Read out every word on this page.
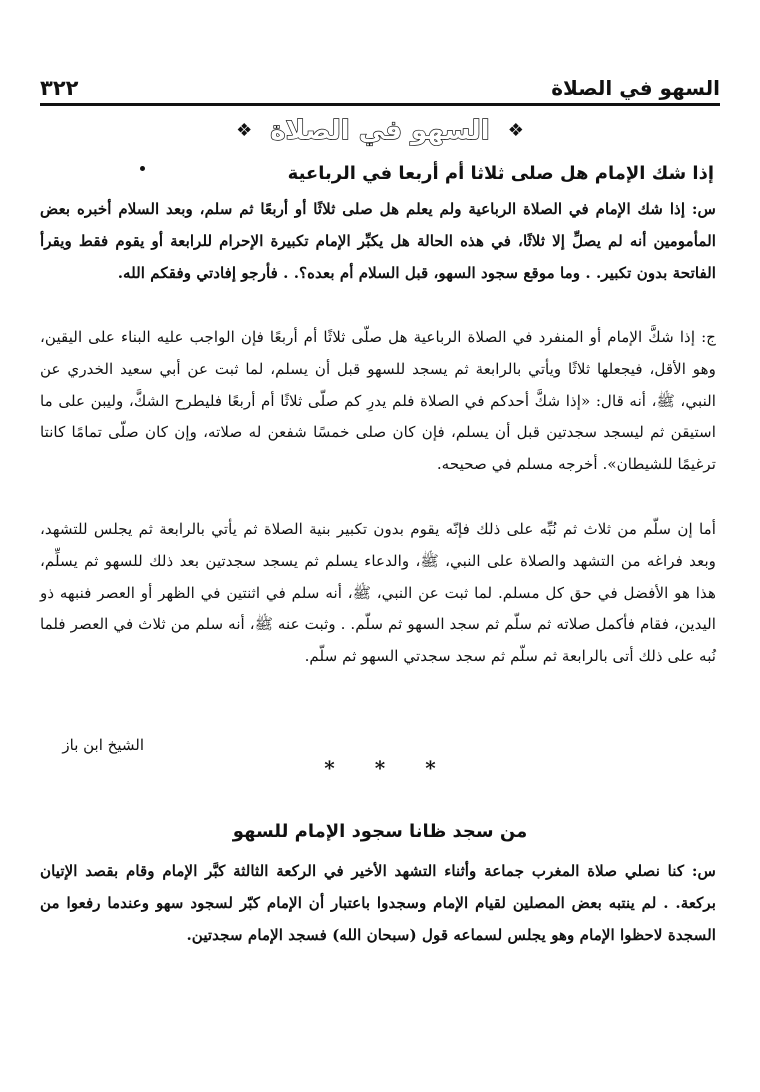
السهو في الصلاة
٣٢٢
❖
السهو في الصلاة
❖
إذا شك الإمام هل صلى ثلاثا أم أربعا في الرباعية

س: إذا شك الإمام في الصلاة الرباعية ولم يعلم هل صلى ثلاثًا أو أربعًا ثم سلم، وبعد السلام أخبره بعض المأمومين أنه لم يصلِّ إلا ثلاثًا، في هذه الحالة هل يكبِّر الإمام تكبيرة الإحرام للرابعة أو يقوم فقط ويقرأ الفاتحة بدون تكبير. . وما موقع سجود السهو، قبل السلام أم بعده؟. . فأرجو إفادتي وفقكم الله.

ج: إذا شكَّ الإمام أو المنفرد في الصلاة الرباعية هل صلّى ثلاثًا أم أربعًا فإن الواجب عليه البناء على اليقين، وهو الأقل، فيجعلها ثلاثًا ويأتي بالرابعة ثم يسجد للسهو قبل أن يسلم، لما ثبت عن أبي سعيد الخدري عن النبي، ﷺ، أنه قال: «إذا شكَّ أحدكم في الصلاة فلم يدرِ كم صلّى ثلاثًا أم أربعًا فليطرح الشكَّ، وليبن على ما استيقن ثم ليسجد سجدتين قبل أن يسلم، فإن كان صلى خمسًا شفعن له صلاته، وإن كان صلّى تمامًا كانتا ترغيمًا للشيطان». أخرجه مسلم في صحيحه.

أما إن سلّم من ثلاث ثم نُبِّه على ذلك فإنّه يقوم بدون تكبير بنية الصلاة ثم يأتي بالرابعة ثم يجلس للتشهد، وبعد فراغه من التشهد والصلاة على النبي، ﷺ، والدعاء يسلم ثم يسجد سجدتين بعد ذلك للسهو ثم يسلِّم، هذا هو الأفضل في حق كل مسلم. لما ثبت عن النبي، ﷺ، أنه سلم في اثنتين في الظهر أو العصر فنبهه ذو اليدين، فقام فأكمل صلاته ثم سلّم ثم سجد السهو ثم سلّم. . وثبت عنه ﷺ، أنه سلم من ثلاث في العصر فلما نُبه على ذلك أتى بالرابعة ثم سلّم ثم سجد سجدتي السهو ثم سلّم.

الشيخ ابن باز
* * *
من سجد ظانا سجود الإمام للسهو

س: كنا نصلي صلاة المغرب جماعة وأثناء التشهد الأخير في الركعة الثالثة كبَّر الإمام وقام بقصد الإتيان بركعة. . لم ينتبه بعض المصلين لقيام الإمام وسجدوا باعتبار أن الإمام كبّر لسجود سهو وعندما رفعوا من السجدة لاحظوا الإمام وهو يجلس لسماعه قول (سبحان الله) فسجد الإمام سجدتين.
